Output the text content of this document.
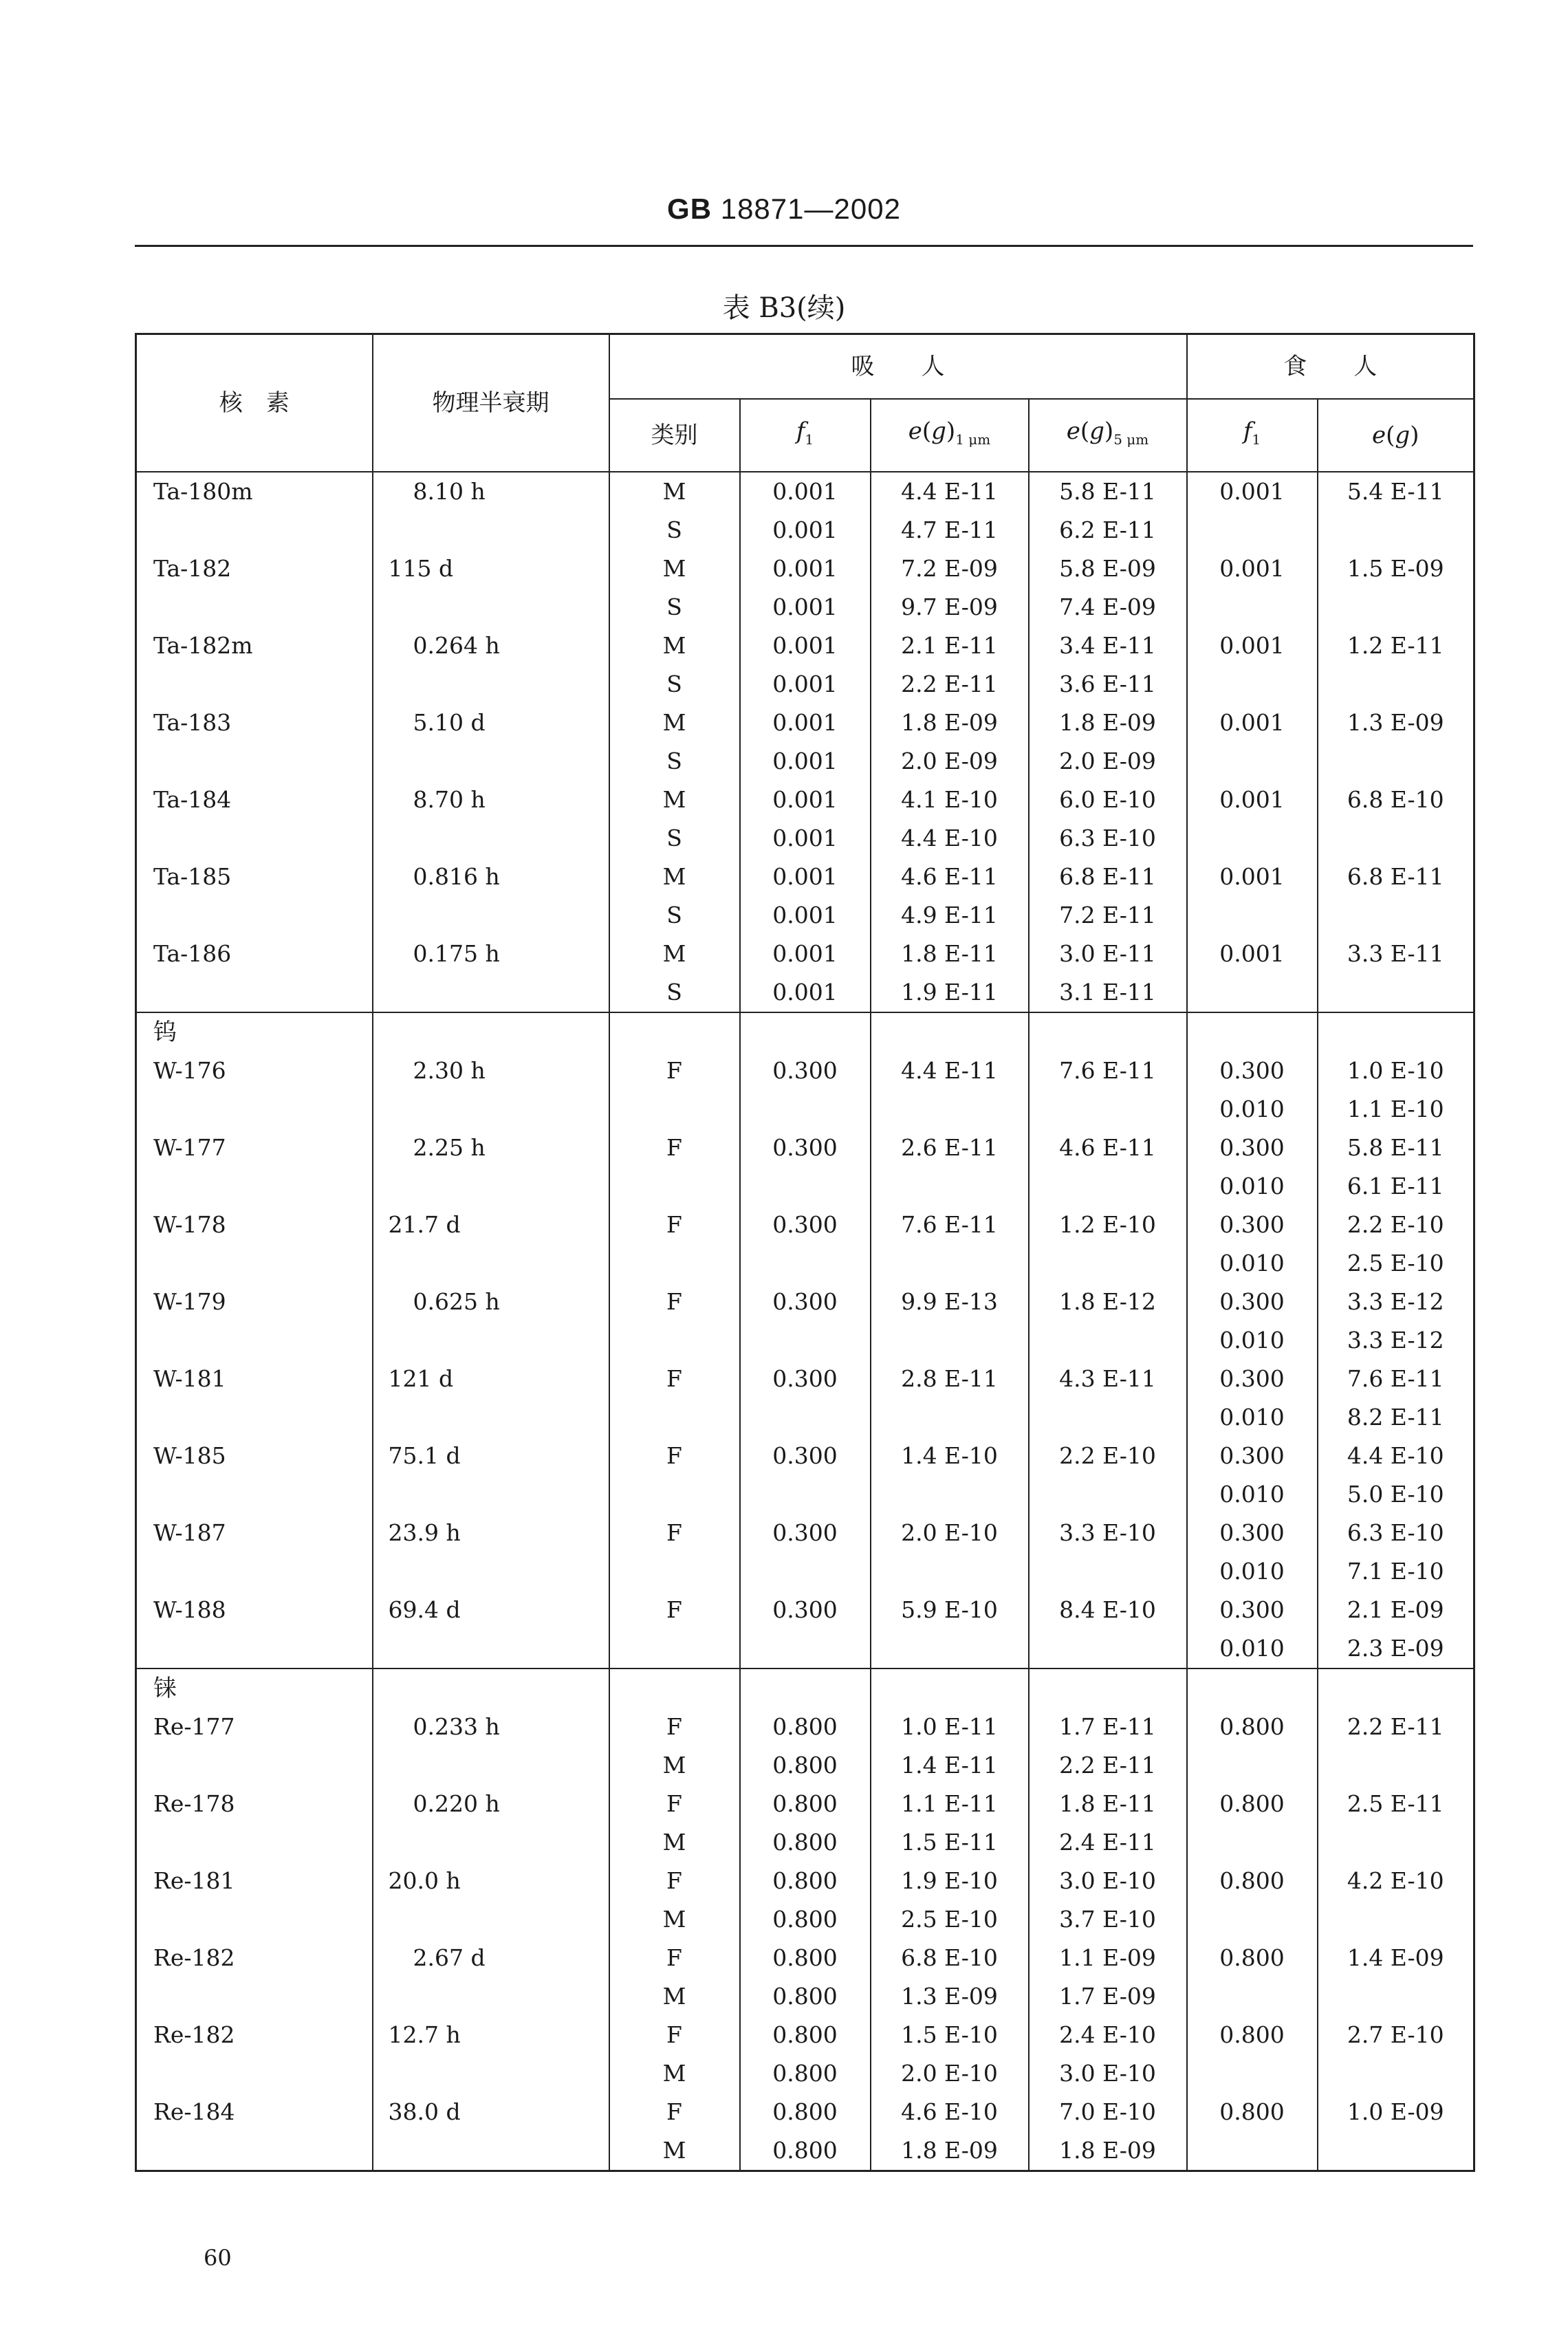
GB 18871—2002
表 B3(续)
核　素	物理半衰期	吸　　人				食　　人	
		类别	$f_1$	$e(g)_{1 \mu m}$	$e(g)_{5 \mu m}$	$f_1$	e(g)
Ta-180m	8.10 h	M	0.001	4.4 E-11	5.8 E-11	0.001	5.4 E-11
		S	0.001	4.7 E-11	6.2 E-11		
Ta-182	115 d	M	0.001	7.2 E-09	5.8 E-09	0.001	1.5 E-09
		S	0.001	9.7 E-09	7.4 E-09		
Ta-182m	0.264 h	M	0.001	2.1 E-11	3.4 E-11	0.001	1.2 E-11
		S	0.001	2.2 E-11	3.6 E-11		
Ta-183	5.10 d	M	0.001	1.8 E-09	1.8 E-09	0.001	1.3 E-09
		S	0.001	2.0 E-09	2.0 E-09		
Ta-184	8.70 h	M	0.001	4.1 E-10	6.0 E-10	0.001	6.8 E-10
		S	0.001	4.4 E-10	6.3 E-10		
Ta-185	0.816 h	M	0.001	4.6 E-11	6.8 E-11	0.001	6.8 E-11
		S	0.001	4.9 E-11	7.2 E-11		
Ta-186	0.175 h	M	0.001	1.8 E-11	3.0 E-11	0.001	3.3 E-11
		S	0.001	1.9 E-11	3.1 E-11		
钨							
W-176	2.30 h	F	0.300	4.4 E-11	7.6 E-11	0.300	1.0 E-10
						0.010	1.1 E-10
W-177	2.25 h	F	0.300	2.6 E-11	4.6 E-11	0.300	5.8 E-11
						0.010	6.1 E-11
W-178	21.7 d	F	0.300	7.6 E-11	1.2 E-10	0.300	2.2 E-10
						0.010	2.5 E-10
W-179	0.625 h	F	0.300	9.9 E-13	1.8 E-12	0.300	3.3 E-12
						0.010	3.3 E-12
W-181	121 d	F	0.300	2.8 E-11	4.3 E-11	0.300	7.6 E-11
						0.010	8.2 E-11
W-185	75.1 d	F	0.300	1.4 E-10	2.2 E-10	0.300	4.4 E-10
						0.010	5.0 E-10
W-187	23.9 h	F	0.300	2.0 E-10	3.3 E-10	0.300	6.3 E-10
						0.010	7.1 E-10
W-188	69.4 d	F	0.300	5.9 E-10	8.4 E-10	0.300	2.1 E-09
						0.010	2.3 E-09
铼							
Re-177	0.233 h	F	0.800	1.0 E-11	1.7 E-11	0.800	2.2 E-11
		M	0.800	1.4 E-11	2.2 E-11		
Re-178	0.220 h	F	0.800	1.1 E-11	1.8 E-11	0.800	2.5 E-11
		M	0.800	1.5 E-11	2.4 E-11		
Re-181	20.0 h	F	0.800	1.9 E-10	3.0 E-10	0.800	4.2 E-10
		M	0.800	2.5 E-10	3.7 E-10		
Re-182	2.67 d	F	0.800	6.8 E-10	1.1 E-09	0.800	1.4 E-09
		M	0.800	1.3 E-09	1.7 E-09		
Re-182	12.7 h	F	0.800	1.5 E-10	2.4 E-10	0.800	2.7 E-10
		M	0.800	2.0 E-10	3.0 E-10		
Re-184	38.0 d	F	0.800	4.6 E-10	7.0 E-10	0.800	1.0 E-09
		M	0.800	1.8 E-09	1.8 E-09		
60
